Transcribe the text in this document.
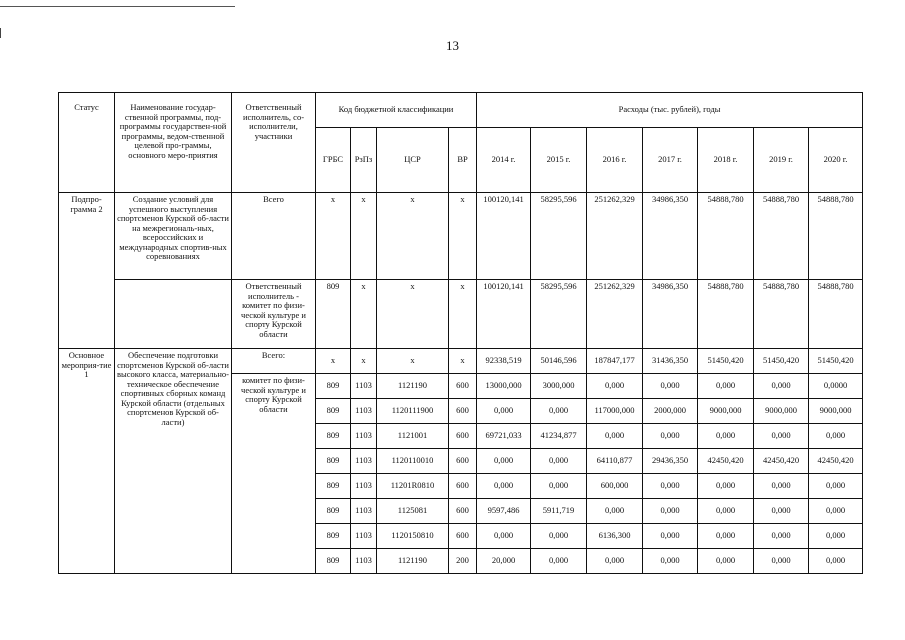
13
Статус	Наименование государ-ственной программы, под-программы государствен-ной программы, ведом-ственной целевой про-граммы, основного меро-приятия	Ответственный исполнитель, со-исполнители, участники	Код бюджетной классификации				Расходы (тыс. рублей), годы						
			ГРБС	РзПз	ЦСР	ВР	2014 г.	2015 г.	2016 г.	2017 г.	2018 г.	2019 г.	2020 г.
Подпро-грамма 2	Создание условий для успешного выступления спортсменов Курской об-ласти на межрегиональ-ных, всероссийских и международных спортив-ных соревнованиях	Всего	x	x	x	x	100120,141	58295,596	251262,329	34986,350	54888,780	54888,780	54888,780
		Ответственный исполнитель - комитет по физи-ческой культуре и спорту Курской области	809	x	x	x	100120,141	58295,596	251262,329	34986,350	54888,780	54888,780	54888,780
Основное мероприя-тие 1	Обеспечение подготовки спортсменов Курской об-ласти высокого класса, материально-техническое обеспечение спортивных сборных команд Курской области (отдельных спортсменов Курской об-ласти)	Всего:	x	x	x	x	92338,519	50146,596	187847,177	31436,350	51450,420	51450,420	51450,420
		комитет по физи-ческой культуре и спорту Курской области	809	1103	1121190	600	13000,000	3000,000	0,000	0,000	0,000	0,000	0,0000
			809	1103	1120111900	600	0,000	0,000	117000,000	2000,000	9000,000	9000,000	9000,000
			809	1103	1121001	600	69721,033	41234,877	0,000	0,000	0,000	0,000	0,000
			809	1103	1120110010	600	0,000	0,000	64110,877	29436,350	42450,420	42450,420	42450,420
			809	1103	11201R0810	600	0,000	0,000	600,000	0,000	0,000	0,000	0,000
			809	1103	1125081	600	9597,486	5911,719	0,000	0,000	0,000	0,000	0,000
			809	1103	1120150810	600	0,000	0,000	6136,300	0,000	0,000	0,000	0,000
			809	1103	1121190	200	20,000	0,000	0,000	0,000	0,000	0,000	0,000
